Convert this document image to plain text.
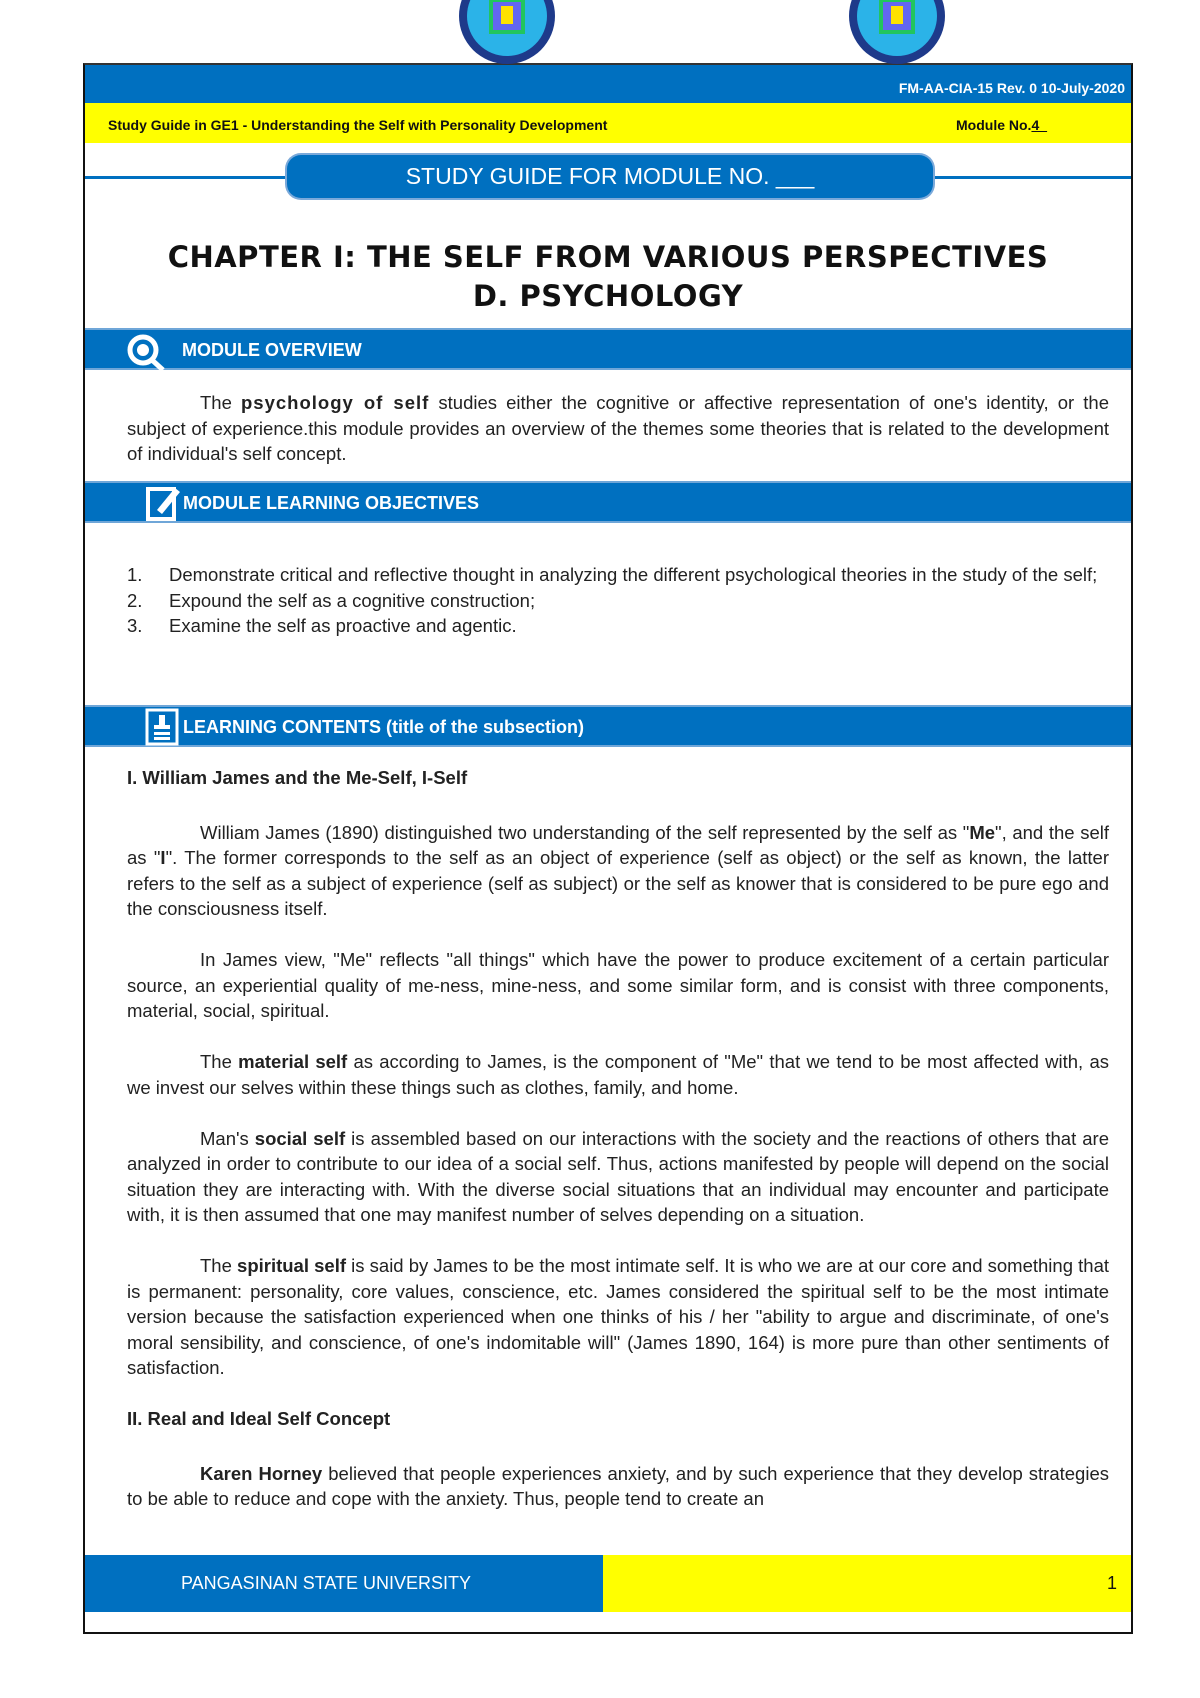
FM-AA-CIA-15 Rev. 0 10-July-2020
Study Guide in GE1 - Understanding the Self with Personality Development	Module No.4_
STUDY GUIDE FOR MODULE NO. ___
CHAPTER I: THE SELF FROM VARIOUS PERSPECTIVES
D. PSYCHOLOGY
MODULE OVERVIEW

The psychology of self studies either the cognitive or affective representation of one's identity, or the subject of experience.this module provides an overview of the themes some theories that is related to the development of individual's self concept.

MODULE LEARNING OBJECTIVES
1. Demonstrate critical and reflective thought in analyzing the different psychological theories in the study of the self;
2. Expound the self as a cognitive construction;
3. Examine the self as proactive and agentic.
LEARNING CONTENTS (title of the subsection)
I. William James and the Me-Self, I-Self

William James (1890) distinguished two understanding of the self represented by the self as "Me", and the self as "I". The former corresponds to the self as an object of experience (self as object) or the self as known, the latter refers to the self as a subject of experience (self as subject) or the self as knower that is considered to be pure ego and the consciousness itself.

In James view, "Me" reflects "all things" which have the power to produce excitement of a certain particular source, an experiential quality of me-ness, mine-ness, and some similar form, and is consist with three components, material, social, spiritual.

The material self as according to James, is the component of "Me" that we tend to be most affected with, as we invest our selves within these things such as clothes, family, and home.

Man's social self is assembled based on our interactions with the society and the reactions of others that are analyzed in order to contribute to our idea of a social self. Thus, actions manifested by people will depend on the social situation they are interacting with. With the diverse social situations that an individual may encounter and participate with, it is then assumed that one may manifest number of selves depending on a situation.

The spiritual self is said by James to be the most intimate self. It is who we are at our core and something that is permanent: personality, core values, conscience, etc. James considered the spiritual self to be the most intimate version because the satisfaction experienced when one thinks of his / her "ability to argue and discriminate, of one's moral sensibility, and conscience, of one's indomitable will" (James 1890, 164) is more pure than other sentiments of satisfaction.

II. Real and Ideal Self Concept

Karen Horney believed that people experiences anxiety, and by such experience that they develop strategies to be able to reduce and cope with the anxiety. Thus, people tend to create an

PANGASINAN STATE UNIVERSITY	1
